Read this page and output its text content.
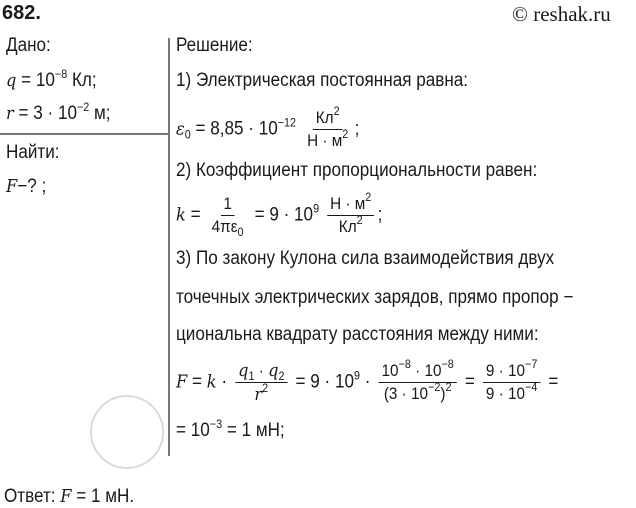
682.	© reshak.ru
Дано:
$q = 10^{-8}$ Кл;
$r = 3 \cdot 10^{-2}$ м;
Найти:
F−? ;
Решение:
1) Электрическая постоянная равна:
$\varepsilon_0 = 8,85 \cdot 10^{-12} \frac{Кл^2}{Н \cdot м^2}$ ;
2) Коэффициент пропорциональности равен:
$k = \frac{1}{4\pi\varepsilon_0} = 9 \cdot 10^9 \frac{Н \cdot м^2}{Кл^2}$ ;
3) По закону Кулона сила взаимодействия двух
точечных электрических зарядов, прямо пропор −
циональна квадрату расстояния между ними:
$F = k \cdot \frac{q_1 \cdot q_2}{r^2} = 9 \cdot 10^9 \cdot \frac{10^{-8} \cdot 10^{-8}}{(3 \cdot 10^{-2})^2} = \frac{9 \cdot 10^{-7}}{9 \cdot 10^{-4}}$ =
= $10^{-3} = 1$ мН;
Ответ: F = 1 мН.
